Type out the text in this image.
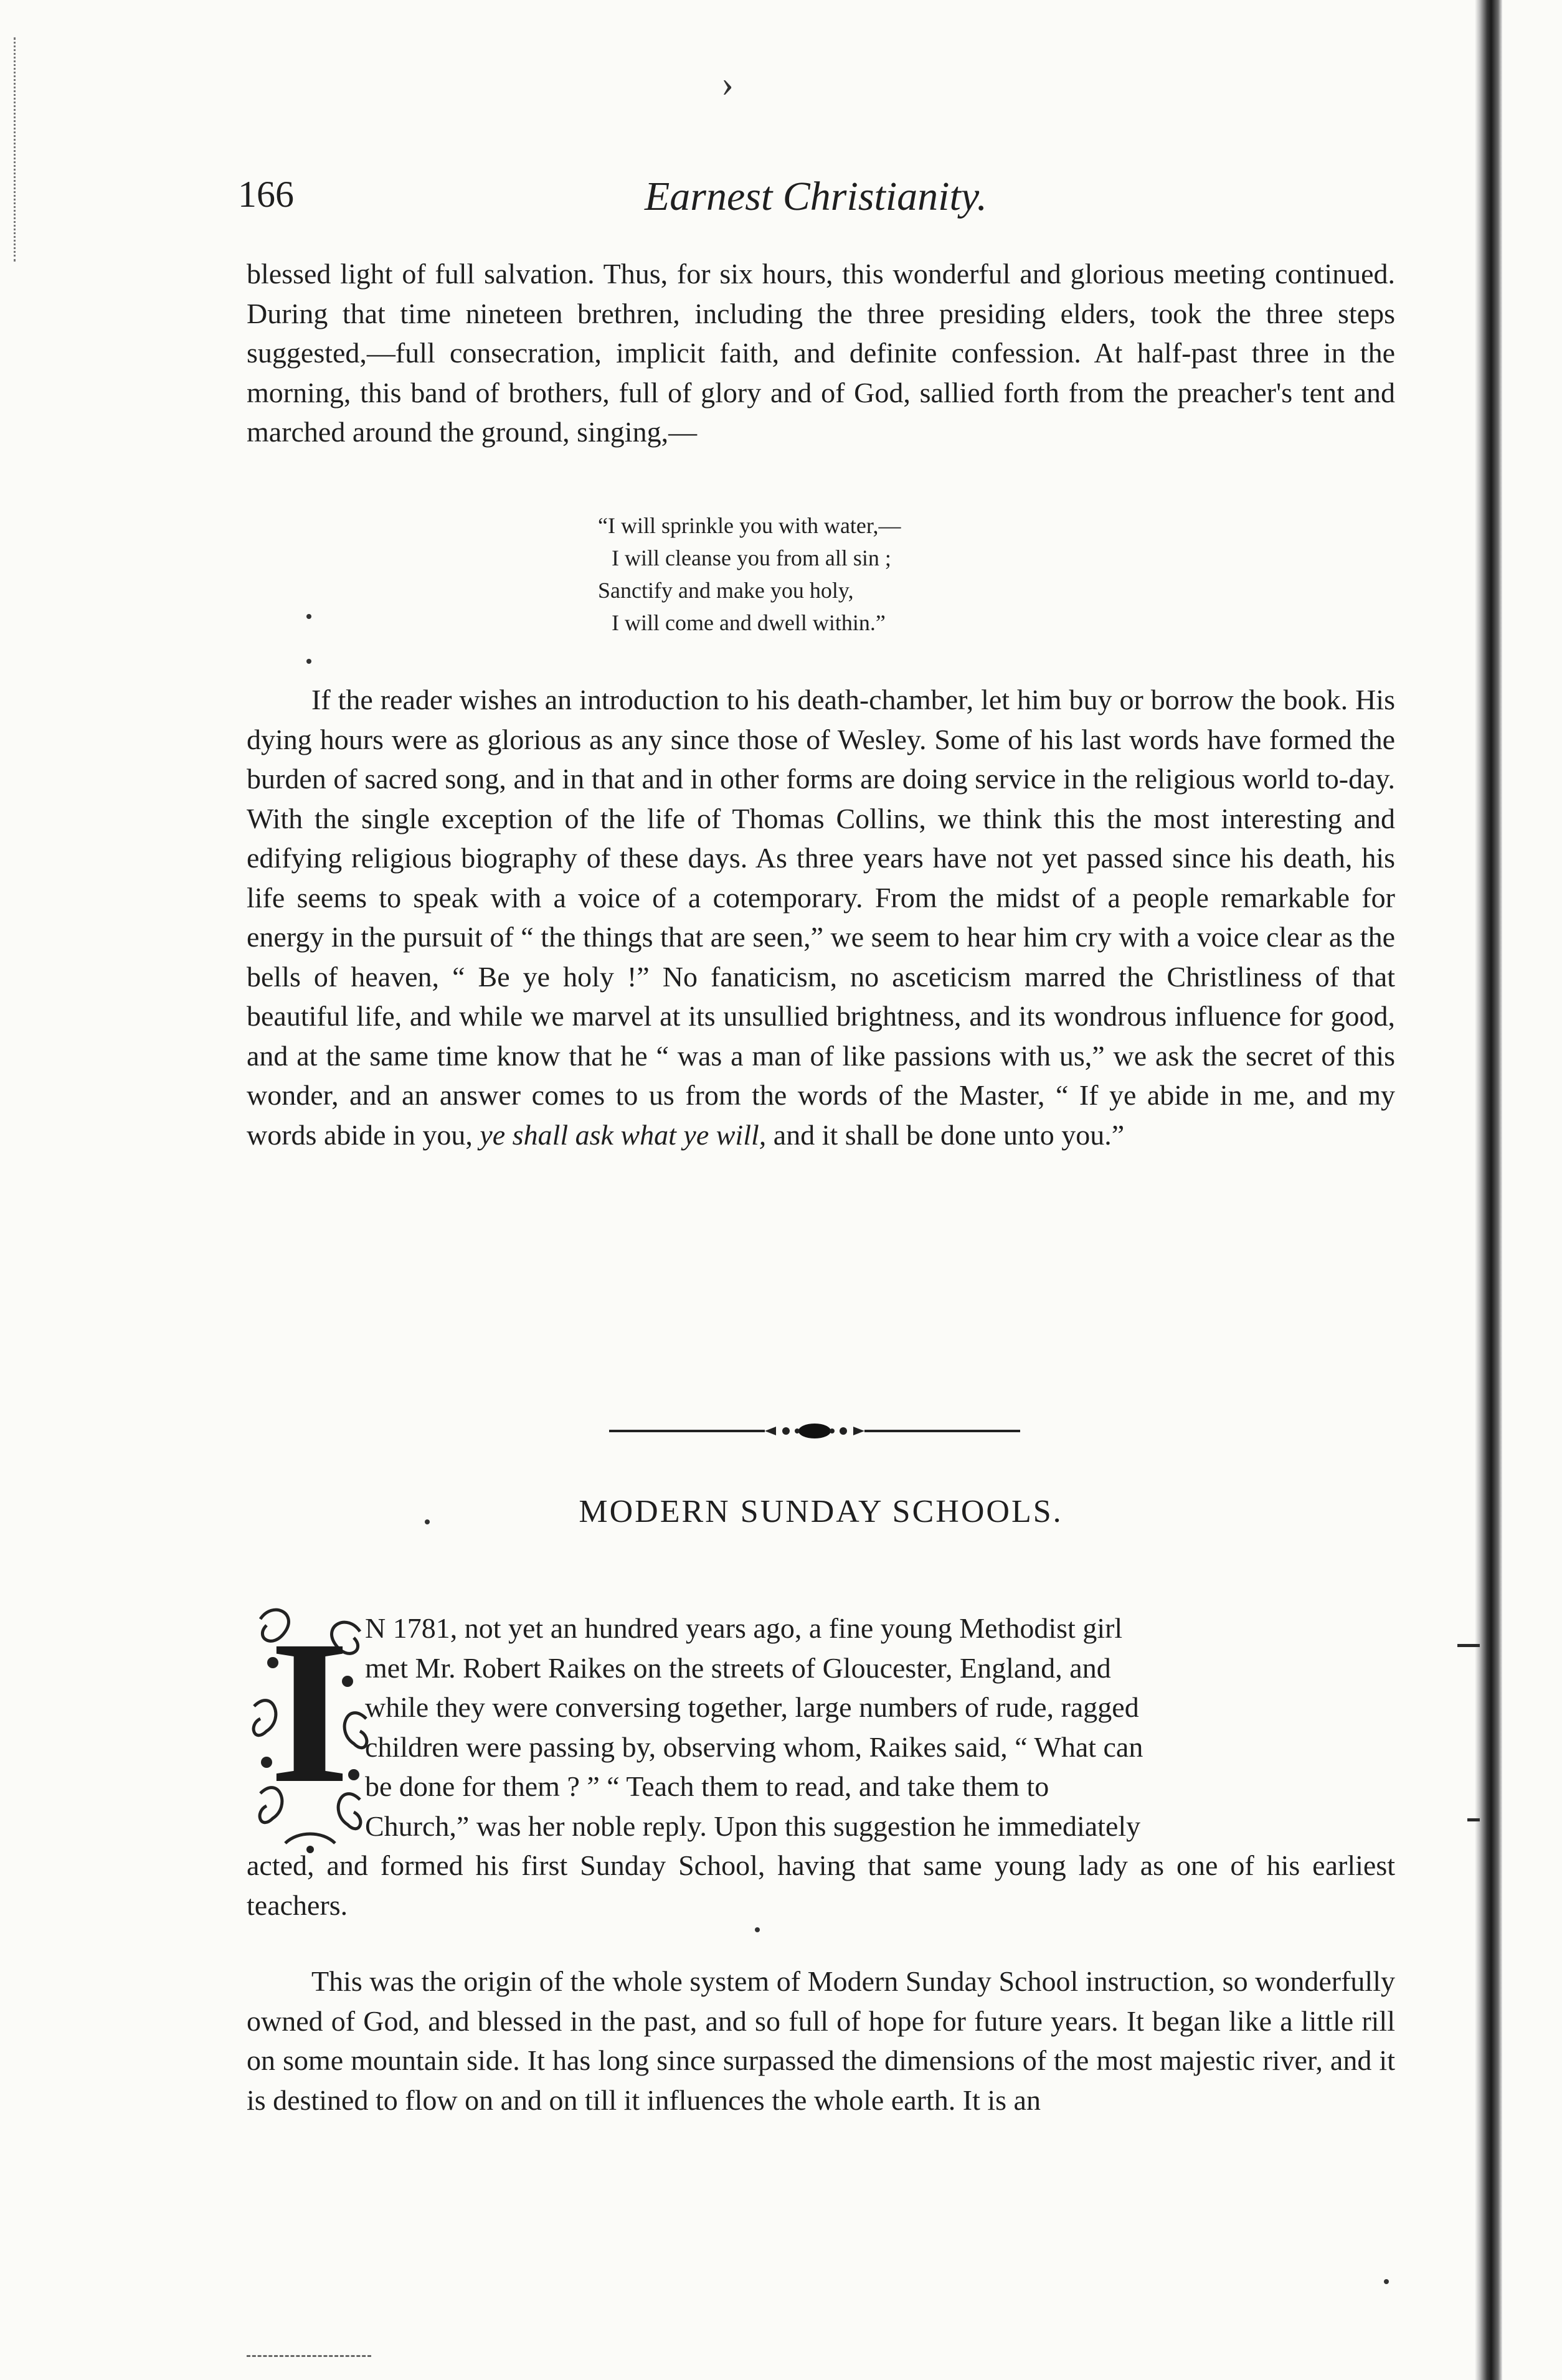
›
166	Earnest Christianity.

blessed light of full salvation. Thus, for six hours, this wonderful and glorious meeting continued. During that time nineteen brethren, including the three presiding elders, took the three steps suggested,—full consecration, implicit faith, and definite confession. At half-past three in the morning, this band of brothers, full of glory and of God, sallied forth from the preacher's tent and marched around the ground, singing,—

“I will sprinkle you with water,—
I will cleanse you from all sin ;
Sanctify and make you holy,
I will come and dwell within.”

If the reader wishes an introduction to his death-chamber, let him buy or borrow the book. His dying hours were as glorious as any since those of Wesley. Some of his last words have formed the burden of sacred song, and in that and in other forms are doing service in the religious world to-day. With the single exception of the life of Thomas Collins, we think this the most interesting and edifying religious biography of these days. As three years have not yet passed since his death, his life seems to speak with a voice of a cotemporary. From the midst of a people remarkable for energy in the pursuit of “ the things that are seen,” we seem to hear him cry with a voice clear as the bells of heaven, “ Be ye holy !” No fanaticism, no asceticism marred the Christliness of that beautiful life, and while we marvel at its unsullied brightness, and its wondrous influence for good, and at the same time know that he “ was a man of like passions with us,” we ask the secret of this wonder, and an answer comes to us from the words of the Master, “ If ye abide in me, and my words abide in you, ye shall ask what ye will, and it shall be done unto you.”

MODERN SUNDAY SCHOOLS.
I N 1781, not yet an hundred years ago, a fine young Methodist girl
met Mr. Robert Raikes on the streets of Gloucester, England, and
while they were conversing together, large numbers of rude, ragged
children were passing by, observing whom, Raikes said, “ What can
be done for them ? ” “ Teach them to read, and take them to
Church,” was her noble reply. Upon this suggestion he immediately
acted, and formed his first Sunday School, having that same young lady as one of his earliest teachers.

This was the origin of the whole system of Modern Sunday School instruction, so wonderfully owned of God, and blessed in the past, and so full of hope for future years. It began like a little rill on some mountain side. It has long since surpassed the dimensions of the most majestic river, and it is destined to flow on and on till it influences the whole earth. It is an
